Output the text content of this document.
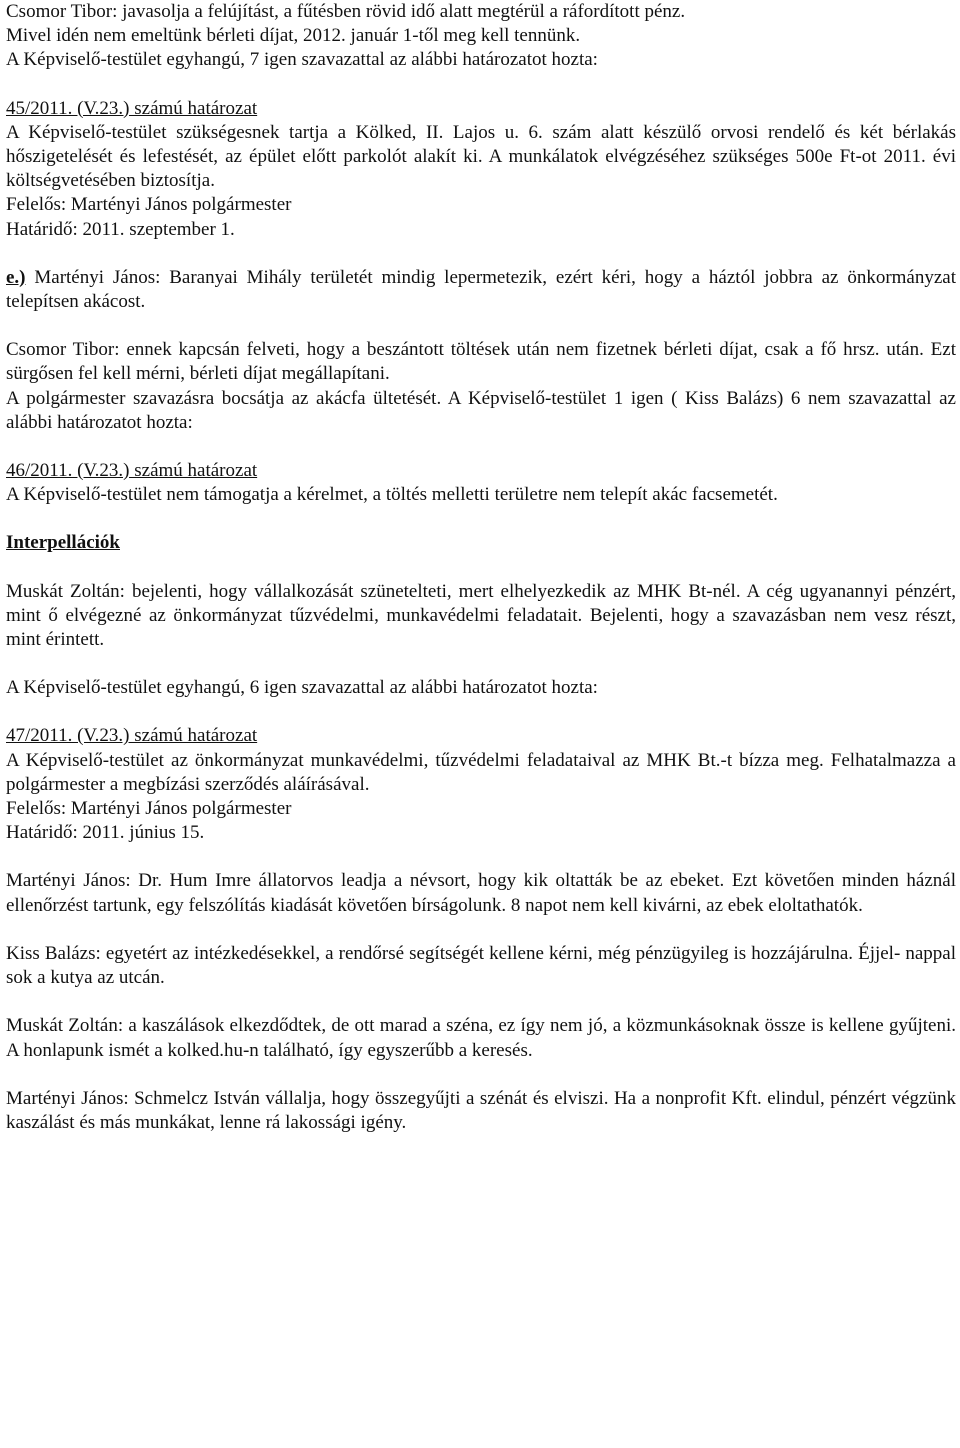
Csomor Tibor: javasolja a felújítást, a fűtésben rövid idő alatt megtérül a ráfordított pénz.
Mivel idén nem emeltünk bérleti díjat, 2012. január 1-től meg kell tennünk.
A Képviselő-testület egyhangú, 7 igen szavazattal az alábbi határozatot hozta:

45/2011. (V.23.) számú határozat

A Képviselő-testület szükségesnek tartja a Kölked, II. Lajos u. 6. szám alatt készülő orvosi rendelő és két bérlakás hőszigetelését és lefestését, az épület előtt parkolót alakít ki. A munkálatok elvégzéséhez szükséges 500e Ft-ot 2011. évi költségvetésében biztosítja.

Felelős: Martényi János polgármester

Határidő: 2011. szeptember 1.

e.) Martényi János: Baranyai Mihály területét mindig lepermetezik, ezért kéri, hogy a háztól jobbra az önkormányzat telepítsen akácost.

Csomor Tibor: ennek kapcsán felveti, hogy a beszántott töltések után nem fizetnek bérleti díjat, csak a fő hrsz. után. Ezt sürgősen fel kell mérni, bérleti díjat megállapítani.

A polgármester szavazásra bocsátja az akácfa ültetését. A Képviselő-testület 1 igen ( Kiss Balázs) 6 nem szavazattal az alábbi határozatot hozta:

46/2011. (V.23.) számú határozat

A Képviselő-testület nem támogatja a kérelmet, a töltés melletti területre nem telepít akác facsemetét.

Interpellációk

Muskát Zoltán: bejelenti, hogy vállalkozását szünetelteti, mert elhelyezkedik az MHK Bt-nél. A cég ugyanannyi pénzért, mint ő elvégezné az önkormányzat tűzvédelmi, munkavédelmi feladatait. Bejelenti, hogy a szavazásban nem vesz részt, mint érintett.

A Képviselő-testület egyhangú, 6 igen szavazattal az alábbi határozatot hozta:

47/2011. (V.23.) számú határozat

A Képviselő-testület az önkormányzat munkavédelmi, tűzvédelmi feladataival az MHK Bt.-t bízza meg. Felhatalmazza a polgármester a megbízási szerződés aláírásával.

Felelős: Martényi János polgármester

Határidő: 2011. június 15.

Martényi János: Dr. Hum Imre állatorvos leadja a névsort, hogy kik oltatták be az ebeket. Ezt követően minden háznál ellenőrzést tartunk, egy felszólítás kiadását követően bírságolunk. 8 napot nem kell kivárni, az ebek eloltathatók.

Kiss Balázs: egyetért az intézkedésekkel, a rendőrsé segítségét kellene kérni, még pénzügyileg is hozzájárulna. Éjjel- nappal sok a kutya az utcán.

Muskát Zoltán: a kaszálások elkezdődtek, de ott marad a széna, ez így nem jó, a közmunkásoknak össze is kellene gyűjteni. A honlapunk ismét a kolked.hu-n található, így egyszerűbb a keresés.

Martényi János: Schmelcz István vállalja, hogy összegyűjti a szénát és elviszi. Ha a nonprofit Kft. elindul, pénzért végzünk kaszálást és más munkákat, lenne rá lakossági igény.
